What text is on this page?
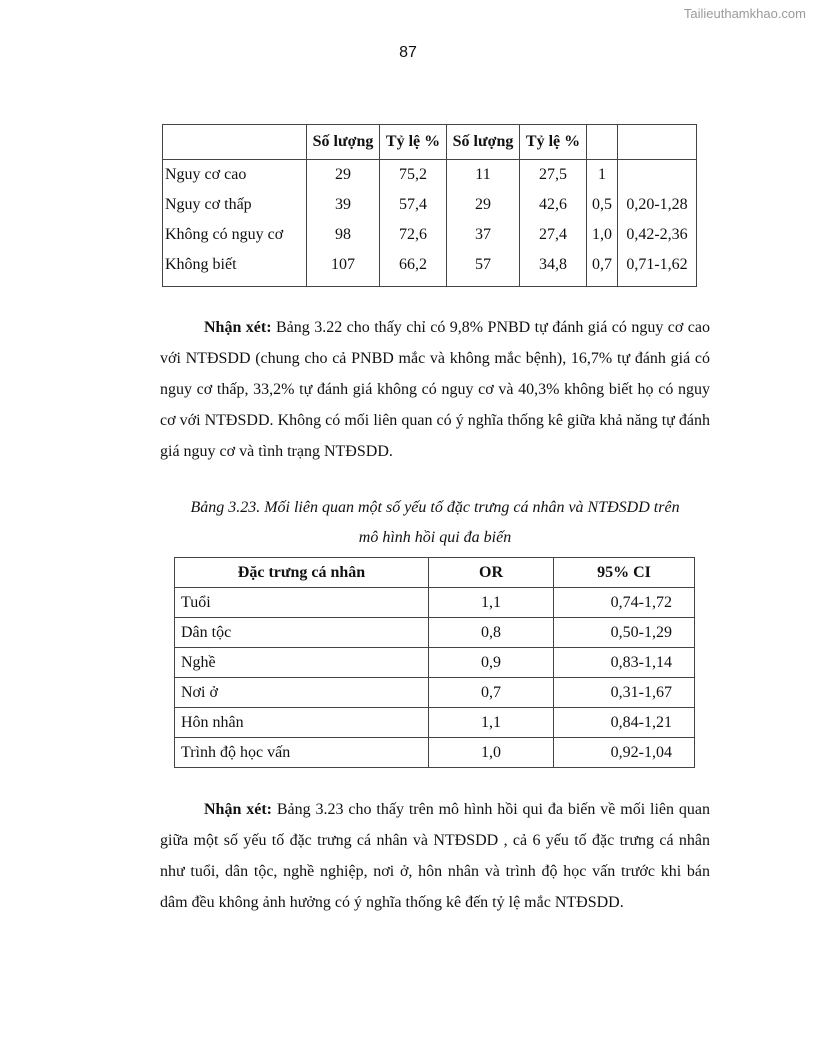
Tailieuthamkhao.com
87
	Số lượng	Tỷ lệ %	Số lượng	Tỷ lệ %		
Nguy cơ cao	29	75,2	11	27,5	1	
Nguy cơ thấp	39	57,4	29	42,6	0,5	0,20-1,28
Không có nguy cơ	98	72,6	37	27,4	1,0	0,42-2,36
Không biết	107	66,2	57	34,8	0,7	0,71-1,62
Nhận xét: Bảng 3.22 cho thấy chỉ có 9,8% PNBD tự đánh giá có nguy cơ cao với NTĐSDD (chung cho cả PNBD mắc và không mắc bệnh), 16,7% tự đánh giá có nguy cơ thấp, 33,2% tự đánh giá không có nguy cơ và 40,3% không biết họ có nguy cơ với NTĐSDD. Không có mối liên quan có ý nghĩa thống kê giữa khả năng tự đánh giá nguy cơ và tình trạng NTĐSDD.
Bảng 3.23. Mối liên quan một số yếu tố đặc trưng cá nhân và NTĐSDD trên
mô hình hồi qui đa biến
Đặc trưng cá nhân	OR	95% CI
Tuổi	1,1	0,74-1,72
Dân tộc	0,8	0,50-1,29
Nghề	0,9	0,83-1,14
Nơi ở	0,7	0,31-1,67
Hôn nhân	1,1	0,84-1,21
Trình độ học vấn	1,0	0,92-1,04
Nhận xét: Bảng 3.23 cho thấy trên mô hình hồi qui đa biến về mối liên quan giữa một số yếu tố đặc trưng cá nhân và NTĐSDD , cả 6 yếu tố đặc trưng cá nhân như tuổi, dân tộc, nghề nghiệp, nơi ở, hôn nhân và trình độ học vấn trước khi bán dâm đều không ảnh hưởng có ý nghĩa thống kê đến tỷ lệ mắc NTĐSDD.
